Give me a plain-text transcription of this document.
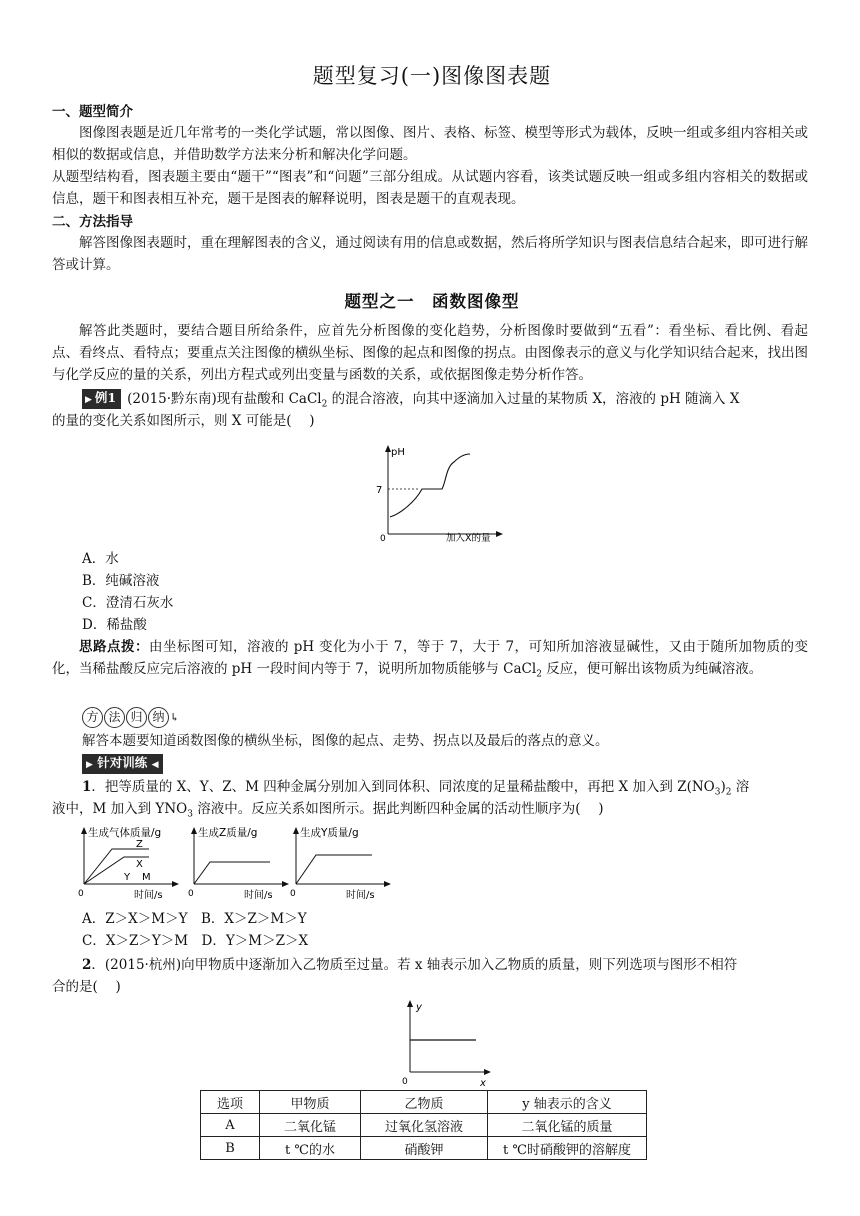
题型复习(一)图像图表题
一、题型简介
图像图表题是近几年常考的一类化学试题，常以图像、图片、表格、标签、模型等形式为载体，反映一组或多组内容相关或相似的数据或信息，并借助数学方法来分析和解决化学问题。
从题型结构看，图表题主要由“题干”“图表”和“问题”三部分组成。从试题内容看，该类试题反映一组或多组内容相关的数据或信息，题干和图表相互补充，题干是图表的解释说明，图表是题干的直观表现。
二、方法指导
解答图像图表题时，重在理解图表的含义，通过阅读有用的信息或数据，然后将所学知识与图表信息结合起来，即可进行解答或计算。
题型之一　函数图像型
解答此类题时，要结合题目所给条件，应首先分析图像的变化趋势，分析图像时要做到“五看”：看坐标、看比例、看起点、看终点、看特点；要重点关注图像的横纵坐标、图像的起点和图像的拐点。由图像表示的意义与化学知识结合起来，找出图与化学反应的量的关系，列出方程式或列出变量与函数的关系，或依据图像走势分析作答。
▶ 例1 (2015·黔东南)现有盐酸和 CaCl$_2$ 的混合溶液，向其中逐滴加入过量的某物质 X，溶液的 pH 随滴入 X
的量的变化关系如图所示，则 X 可能是(　 )
pH
7
0	加入X的量
A．水
B．纯碱溶液
C．澄清石灰水
D．稀盐酸
思路点拨：由坐标图可知，溶液的 pH 变化为小于 7，等于 7，大于 7，可知所加溶液显碱性，又由于随所加物质的变化，当稀盐酸反应完后溶液的 pH 一段时间内等于 7，说明所加物质能够与 CaCl$_2$ 反应，便可解出该物质为纯碱溶液。
方 法 归 纳 ↳
解答本题要知道函数图像的横纵坐标，图像的起点、走势、拐点以及最后的落点的意义。
▶ 针对训练 ◀
1．把等质量的 X、Y、Z、M 四种金属分别加入到同体积、同浓度的足量稀盐酸中，再把 X 加入到 $Z(NO_3)_2$ 溶
液中，M 加入到 $YNO_3$ 溶液中。反应关系如图所示。据此判断四种金属的活动性顺序为(　 )
生成气体质量/g
Z
X
Y M
0	时间/s
生成Z质量/g
0	时间/s
生成Y质量/g
0	时间/s
A．Z＞X＞M＞Y　B．X＞Z＞M＞Y
C．X＞Z＞Y＞M　D．Y＞M＞Z＞X
2．(2015·杭州)向甲物质中逐渐加入乙物质至过量。若 x 轴表示加入乙物质的质量，则下列选项与图形不相符
合的是(　 )
y
0	x
选项	甲物质	乙物质	y 轴表示的含义
A	二氧化锰	过氧化氢溶液	二氧化锰的质量
B	t ℃的水	硝酸钾	t ℃时硝酸钾的溶解度
